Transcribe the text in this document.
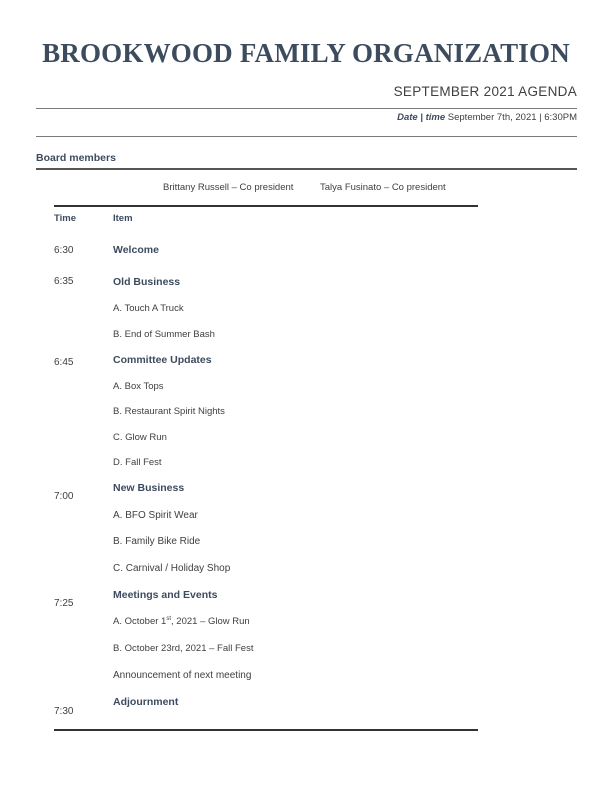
BROOKWOOD FAMILY ORGANIZATION
SEPTEMBER 2021 AGENDA
Date | time September 7th, 2021 | 6:30PM
Board members
Brittany Russell – Co president	Talya Fusinato – Co president
Time	Item
6:30
6:35
6:45
7:00
7:25
7:30
Welcome
Old Business
A. Touch A Truck
B. End of Summer Bash
Committee Updates
A. Box Tops
B. Restaurant Spirit Nights
C. Glow Run
D. Fall Fest
New Business
A. BFO Spirit Wear
B. Family Bike Ride
C. Carnival / Holiday Shop
Meetings and Events
A. October 1st, 2021 – Glow Run
B. October 23rd, 2021 – Fall Fest
Announcement of next meeting
Adjournment
